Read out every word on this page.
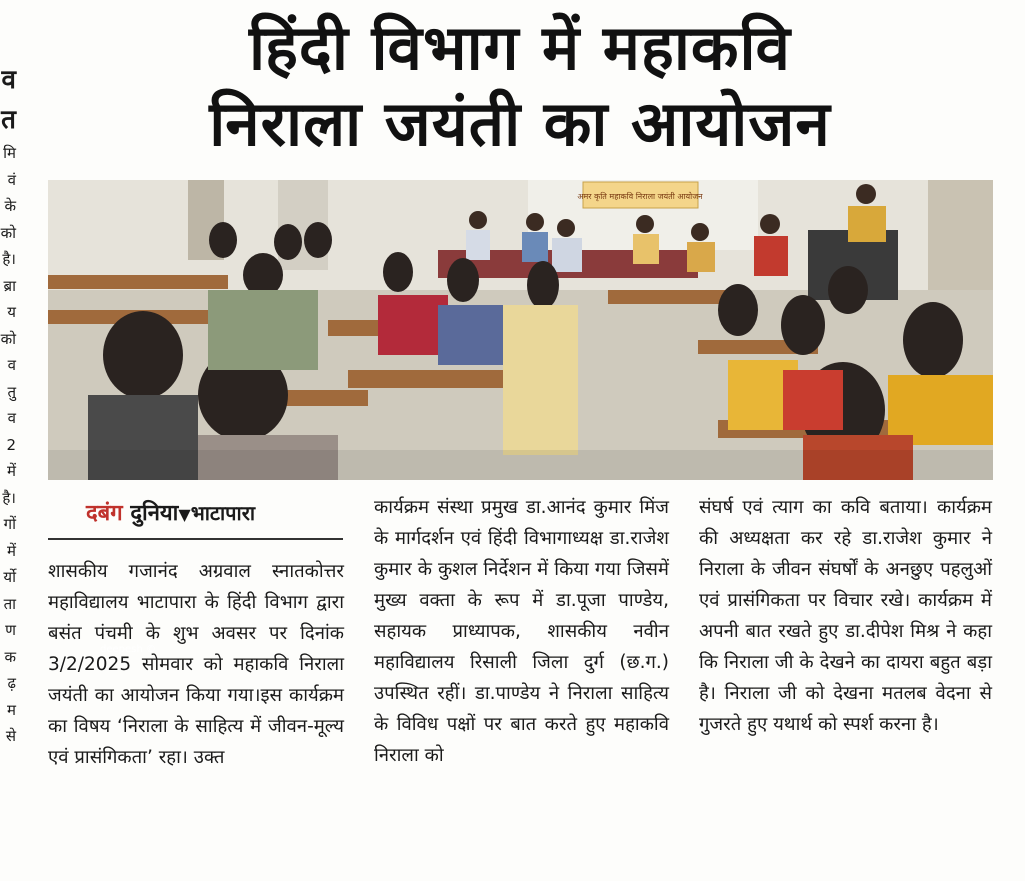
व
त
मि
वं
के
को
है।
ब्रा
य
को
व
तु
व
2
में
है।
गों
में
र्यो
ता
ण
क
ढ़
म
से
हिंदी विभाग में महाकवि
निराला जयंती का आयोजन
अमर कृति महाकवि निराला जयंती आयोजन
deepesh ©
दबंग दुनिया▼भाटापारा

शासकीय गजानंद अग्रवाल स्नातकोत्तर महाविद्यालय भाटापारा के हिंदी विभाग द्वारा बसंत पंचमी के शुभ अवसर पर दिनांक 3/2/2025 सोमवार को महाकवि निराला जयंती का आयोजन किया गया।इस कार्यक्रम का विषय ‘निराला के साहित्य में जीवन-मूल्य एवं प्रासंगिकता’ रहा। उक्त

कार्यक्रम संस्था प्रमुख डा.आनंद कुमार मिंज के मार्गदर्शन एवं हिंदी विभागाध्यक्ष डा.राजेश कुमार के कुशल निर्देशन में किया गया जिसमें मुख्य वक्ता के रूप में डा.पूजा पाण्डेय, सहायक प्राध्यापक, शासकीय नवीन महाविद्यालय रिसाली जिला दुर्ग (छ.ग.) उपस्थित रहीं। डा.पाण्डेय ने निराला साहित्य के विविध पक्षों पर बात करते हुए महाकवि निराला को

संघर्ष एवं त्याग का कवि बताया। कार्यक्रम की अध्यक्षता कर रहे डा.राजेश कुमार ने निराला के जीवन संघर्षों के अनछुए पहलुओं एवं प्रासंगिकता पर विचार रखे। कार्यक्रम में अपनी बात रखते हुए डा.दीपेश मिश्र ने कहा कि निराला जी के देखने का दायरा बहुत बड़ा है। निराला जी को देखना मतलब वेदना से गुजरते हुए यथार्थ को स्पर्श करना है।
